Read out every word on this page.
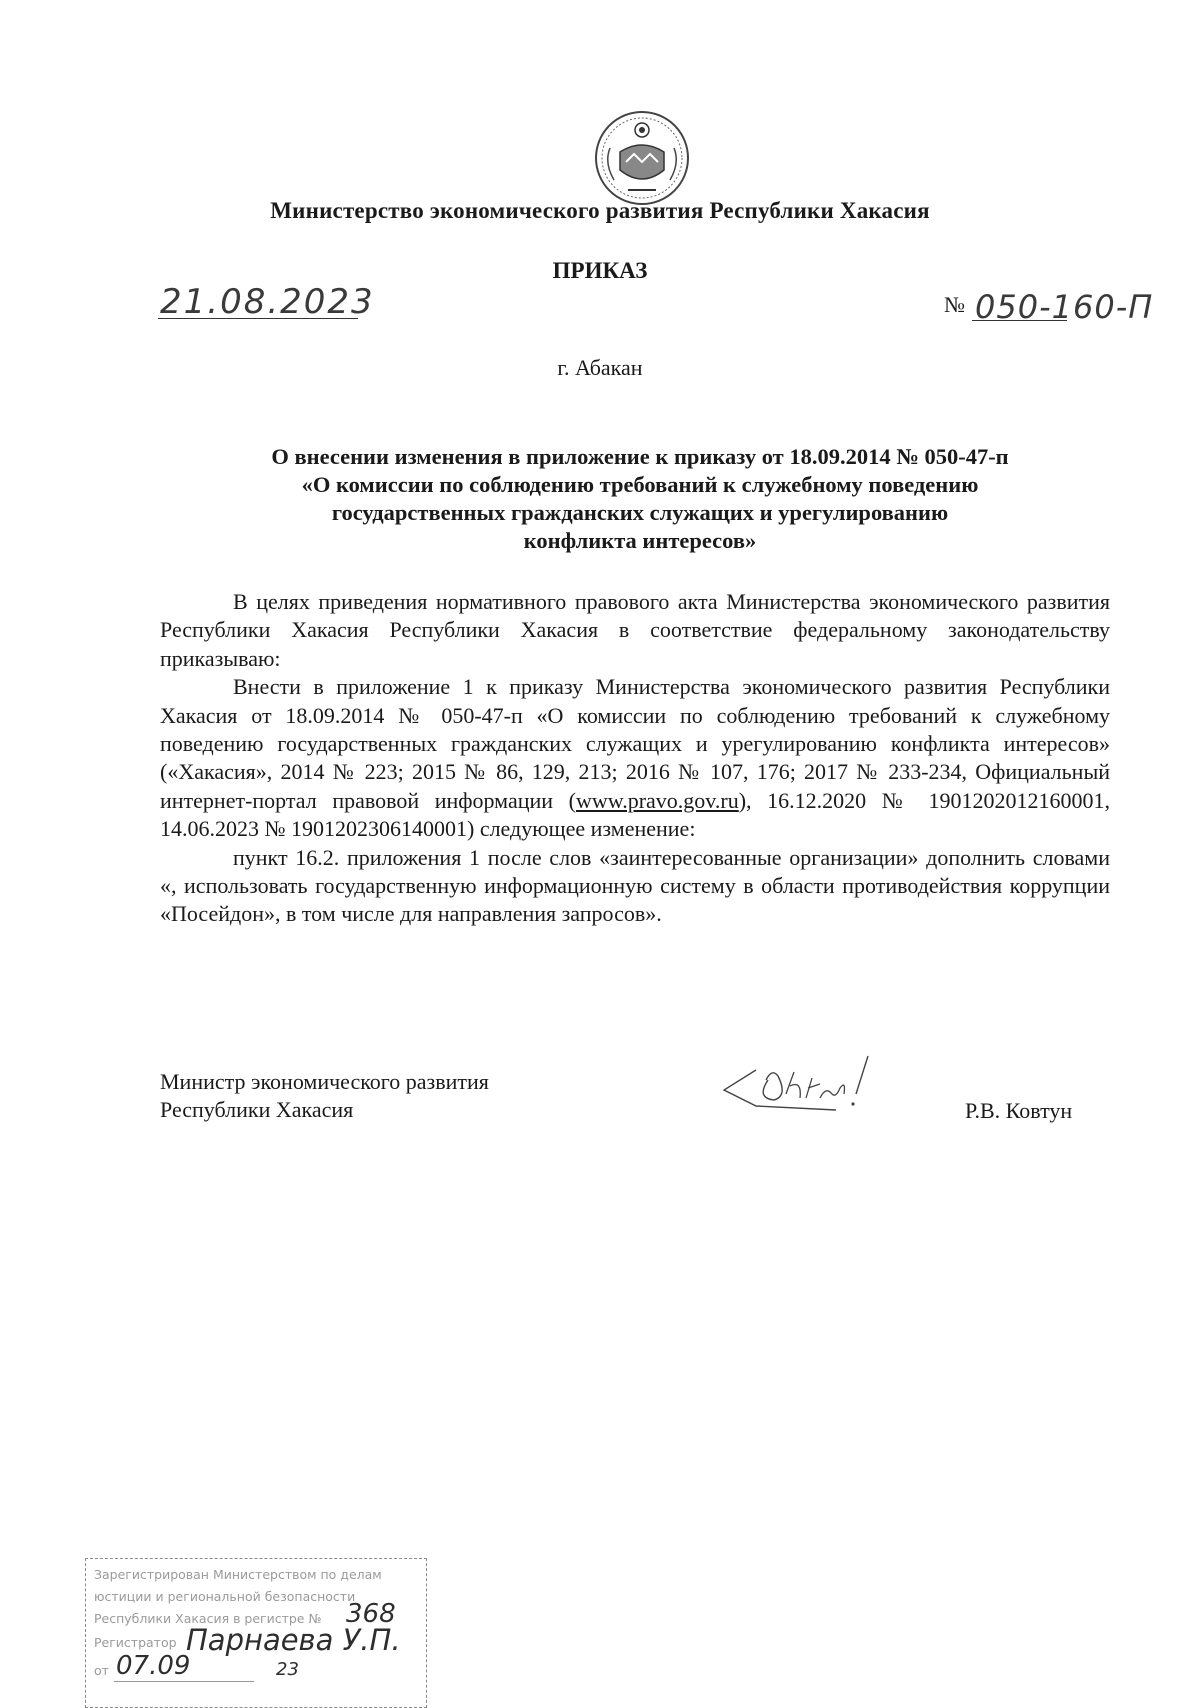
Министерство экономического развития Республики Хакасия
ПРИКАЗ
21.08.2023	№ 050-160-П
г. Абакан
О внесении изменения в приложение к приказу от 18.09.2014 № 050-47-п
«О комиссии по соблюдению требований к служебному поведению
государственных гражданских служащих и урегулированию
конфликта интересов»

В целях приведения нормативного правового акта Министерства экономического развития Республики Хакасия Республики Хакасия в соответствие федеральному законодательству приказываю:

Внести в приложение 1 к приказу Министерства экономического развития Республики Хакасия от 18.09.2014 № 050-47-п «О комиссии по соблюдению требований к служебному поведению государственных гражданских служащих и урегулированию конфликта интересов» («Хакасия», 2014 № 223; 2015 № 86, 129, 213; 2016 № 107, 176; 2017 № 233-234, Официальный интернет-портал правовой информации (www.pravo.gov.ru), 16.12.2020 № 1901202012160001, 14.06.2023 № 1901202306140001) следующее изменение:

пункт 16.2. приложения 1 после слов «заинтересованные организации» дополнить словами «, использовать государственную информационную систему в области противодействия коррупции «Посейдон», в том числе для направления запросов».

Министр экономического развития
Республики Хакасия	Р.В. Ковтун
Зарегистрирован Министерством по делам
юстиции и региональной безопасности
Республики Хакасия в регистре № 368
Регистратор Парнаева У.П.
от 07.09	23
